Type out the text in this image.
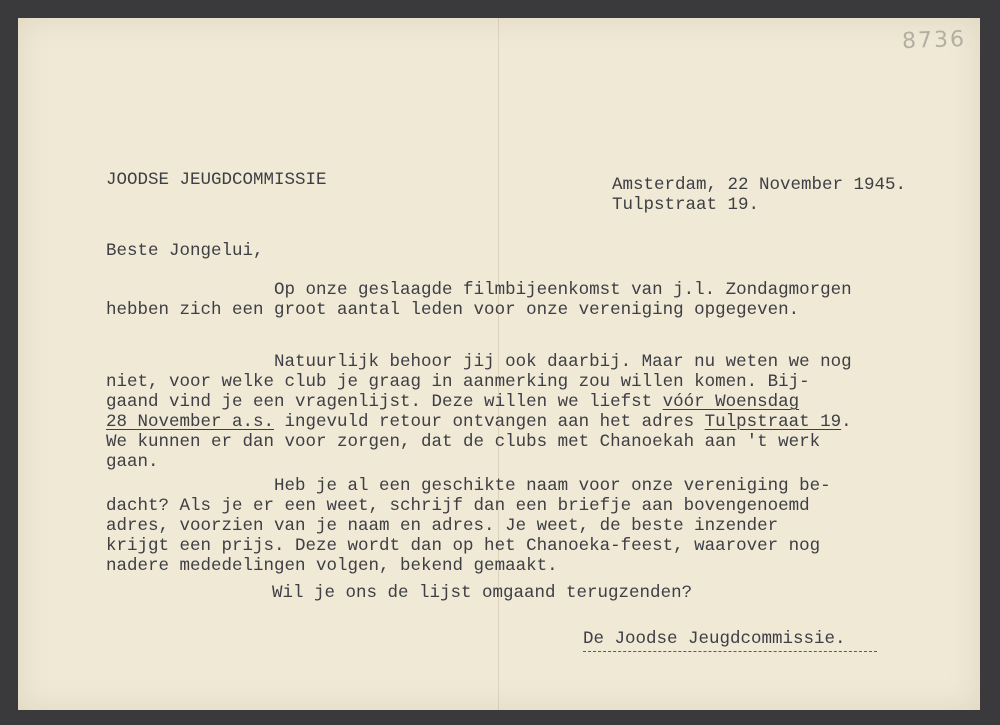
8736
JOODSE JEUGDCOMMISSIE	Amsterdam, 22 November 1945.
Tulpstraat 19.
Beste Jongelui,
Op onze geslaagde filmbijeenkomst van j.l. Zondagmorgen
hebben zich een groot aantal leden voor onze vereniging opgegeven.
Natuurlijk behoor jij ook daarbij. Maar nu weten we nog
niet, voor welke club je graag in aanmerking zou willen komen. Bij-
gaand vind je een vragenlijst. Deze willen we liefst vóór Woensdag
28 November a.s. ingevuld retour ontvangen aan het adres Tulpstraat 19.
We kunnen er dan voor zorgen, dat de clubs met Chanoekah aan 't werk
gaan.
Heb je al een geschikte naam voor onze vereniging be-
dacht? Als je er een weet, schrijf dan een briefje aan bovengenoemd
adres, voorzien van je naam en adres. Je weet, de beste inzender
krijgt een prijs. Deze wordt dan op het Chanoeka-feest, waarover nog
nadere mededelingen volgen, bekend gemaakt.
Wil je ons de lijst omgaand terugzenden?
De Joodse Jeugdcommissie.
